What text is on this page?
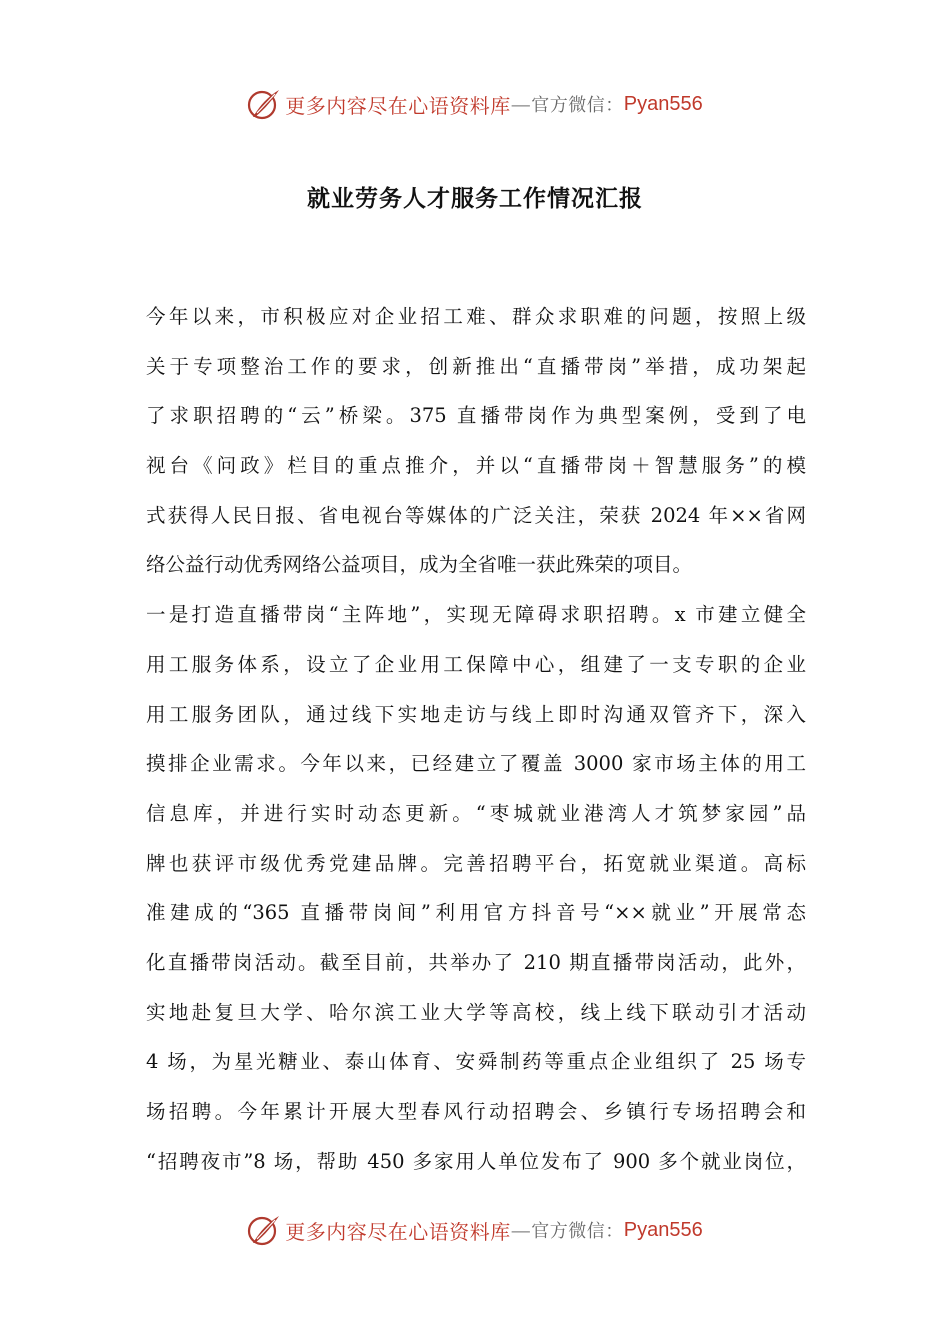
更多内容尽在心语资料库 — 官方微信： Pyan556
就业劳务人才服务工作情况汇报
今年以来，市积极应对企业招工难、群众求职难的问题，按照上级
关于专项整治工作的要求，创新推出“直播带岗”举措，成功架起
了求职招聘的“云”桥梁。375 直播带岗作为典型案例，受到了电
视台《问政》栏目的重点推介，并以“直播带岗＋智慧服务”的模
式获得人民日报、省电视台等媒体的广泛关注，荣获 2024 年××省网
络公益行动优秀网络公益项目，成为全省唯一获此殊荣的项目。
一是打造直播带岗“主阵地”，实现无障碍求职招聘。x 市建立健全
用工服务体系，设立了企业用工保障中心，组建了一支专职的企业
用工服务团队，通过线下实地走访与线上即时沟通双管齐下，深入
摸排企业需求。今年以来，已经建立了覆盖 3000 家市场主体的用工
信息库，并进行实时动态更新。“枣城就业港湾人才筑梦家园”品
牌也获评市级优秀党建品牌。完善招聘平台，拓宽就业渠道。高标
准建成的“365 直播带岗间”利用官方抖音号“××就业”开展常态
化直播带岗活动。截至目前，共举办了 210 期直播带岗活动，此外，
实地赴复旦大学、哈尔滨工业大学等高校，线上线下联动引才活动
4 场，为星光糖业、泰山体育、安舜制药等重点企业组织了 25 场专
场招聘。今年累计开展大型春风行动招聘会、乡镇行专场招聘会和
“招聘夜市”8 场，帮助 450 多家用人单位发布了 900 多个就业岗位，
更多内容尽在心语资料库 — 官方微信： Pyan556
